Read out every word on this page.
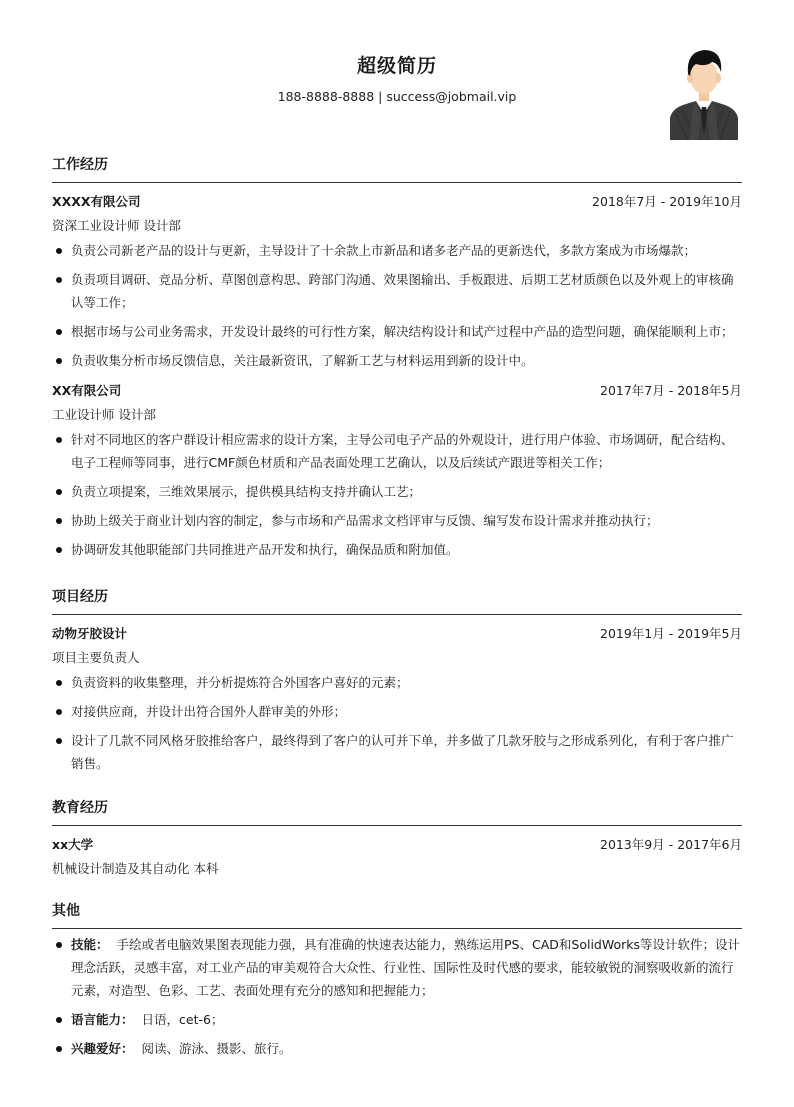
超级简历
188-8888-8888 | success@jobmail.vip
工作经历
XXXX有限公司	2018年7月 - 2019年10月
资深工业设计师 设计部
负责公司新老产品的设计与更新，主导设计了十余款上市新品和诸多老产品的更新迭代，多款方案成为市场爆款；
负责项目调研、竞品分析、草图创意构思、跨部门沟通、效果图输出、手板跟进、后期工艺材质颜色以及外观上的审核确认等工作；
根据市场与公司业务需求，开发设计最终的可行性方案，解决结构设计和试产过程中产品的造型问题，确保能顺利上市；
负责收集分析市场反馈信息，关注最新资讯，了解新工艺与材料运用到新的设计中。
XX有限公司	2017年7月 - 2018年5月
工业设计师 设计部
针对不同地区的客户群设计相应需求的设计方案，主导公司电子产品的外观设计，进行用户体验、市场调研，配合结构、电子工程师等同事，进行CMF颜色材质和产品表面处理工艺确认，以及后续试产跟进等相关工作；
负责立项提案，三维效果展示，提供模具结构支持并确认工艺；
协助上级关于商业计划内容的制定，参与市场和产品需求文档评审与反馈、编写发布设计需求并推动执行；
协调研发其他职能部门共同推进产品开发和执行，确保品质和附加值。
项目经历
动物牙胶设计	2019年1月 - 2019年5月
项目主要负责人
负责资料的收集整理，并分析提炼符合外国客户喜好的元素；
对接供应商，并设计出符合国外人群审美的外形；
设计了几款不同风格牙胶推给客户，最终得到了客户的认可并下单，并多做了几款牙胶与之形成系列化，有利于客户推广销售。
教育经历
xx大学	2013年9月 - 2017年6月
机械设计制造及其自动化 本科
其他
技能： 手绘或者电脑效果图表现能力强，具有准确的快速表达能力，熟练运用PS、CAD和SolidWorks等设计软件；设计理念活跃，灵感丰富，对工业产品的审美观符合大众性、行业性、国际性及时代感的要求，能较敏锐的洞察吸收新的流行元素，对造型、色彩、工艺、表面处理有充分的感知和把握能力；
语言能力： 日语，cet-6；
兴趣爱好： 阅读、游泳、摄影、旅行。
